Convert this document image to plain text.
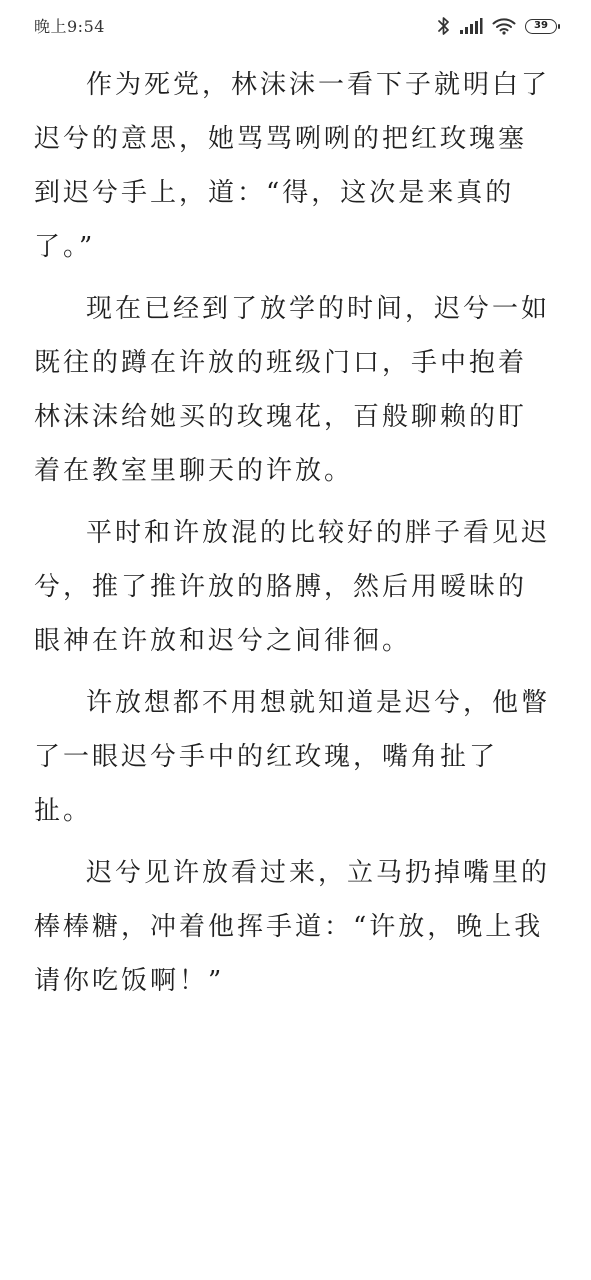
晚上9:54	39

作为死党，林沫沫一看下子就明白了迟兮的意思，她骂骂咧咧的把红玫瑰塞到迟兮手上，道：“得，这次是来真的了。”

现在已经到了放学的时间，迟兮一如既往的蹲在许放的班级门口，手中抱着林沫沫给她买的玫瑰花，百般聊赖的盯着在教室里聊天的许放。

平时和许放混的比较好的胖子看见迟兮，推了推许放的胳膊，然后用暧昧的眼神在许放和迟兮之间徘徊。

许放想都不用想就知道是迟兮，他瞥了一眼迟兮手中的红玫瑰，嘴角扯了扯。

迟兮见许放看过来，立马扔掉嘴里的棒棒糖，冲着他挥手道：“许放，晚上我请你吃饭啊！”
